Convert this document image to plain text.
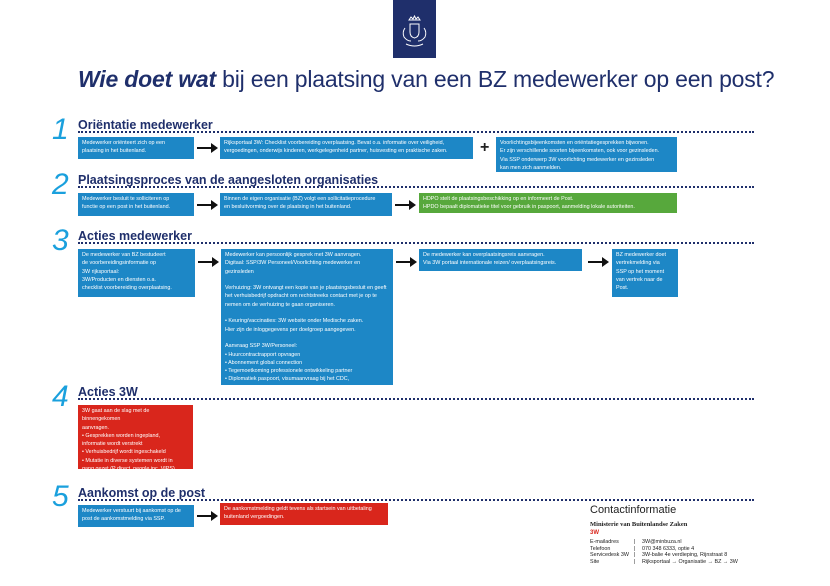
Wie doet wat bij een plaatsing van een BZ medewerker op een post?
1 Oriëntatie medewerker

Medewerker oriënteert zich op een

plaatsing in het buitenland.

Rijksportaal 3W: Checklist voorbereiding overplaatsing. Bevat o.a. informatie over veiligheid,

vergoedingen, onderwijs kinderen, werkgelegenheid partner, huisvesting en praktische zaken.	+ Voorlichtingsbijeenkomsten en oriëntatiegesprekken bijwonen.

Er zijn verschillende soorten bijeenkomsten, ook voor gezinsleden.

Via SSP onderwerp 3W voorlichting medewerker en gezinsleden

kan men zich aanmelden.

2 Plaatsingsproces van de aangesloten organisaties

Medewerker besluit te solliciteren op

functie op een post in het buitenland.

Binnen de eigen organisatie (BZ) volgt een sollicitatieprocedure

en besluitvorming over de plaatsing in het buitenland.

HDPO stelt de plaatsingsbeschikking op en informeert de Post.

HPDO bepaalt diplomatieke titel voor gebruik in paspoort, aanmelding lokale autoriteiten.

3 Acties medewerker

De medewerker van BZ bestudeert

de voorbereidingsinformatie op

3W rijksportaal:

3W/Producten en diensten o.a.

checklist voorbereiding overplaatsing.

Medewerker kan persoonlijk gesprek met 3W aanvragen.

Digitaal: SSP/3W Personeel/Voorlichting medewerker en gezinsleden

Verhuizing: 3W ontvangt een kopie van je plaatsingsbesluit en geeft

het verhuisbedrijf opdracht om rechtstreeks contact met je op te

nemen om de verhuizing te gaan organiseren.

• Keuring/vaccinaties: 3W website onder Medische zaken.

Hier zijn de inloggegevens per doelgroep aangegeven.

Aanvraag SSP 3W/Personeel:

• Huurcontractrapport opvragen

• Abonnement global connection

• Tegemoetkoming professionele ontwikkeling partner

• Diplomatiek paspoort, visumaanvraag bij het CDC,

Bezuidenhoutseweg 67 (oude locatie BZ)

De medewerker kan overplaatsingsreis aanvragen.

Via 3W portaal internationale reizen/ overplaatsingsreis.

BZ medewerker doet

vertrekmelding via

SSP op het moment

van vertrek naar de

Post.

4 Acties 3W

3W gaat aan de slag met de binnengekomen

aanvragen.

• Gesprekken worden ingepland,

informatie wordt verstrekt

• Verhuisbedrijf wordt ingeschakeld

• Mutatie in diverse systemen wordt in

gang gezet (P direct, people inc, VIPS)

5 Aankomst op de post

Medewerker verstuurt bij aankomst op de

post de aankomstmelding via SSP.

De aankomstmelding geldt tevens als startsein van uitbetaling

buitenland vergoedingen.

Contactinformatie
Ministerie van Buitenlandse Zaken
3W
E-mailadres	|	3W@minbuza.nl
Telefoon	|	070 348 6333, optie 4
Servicedesk 3W	|	3W-balie 4e verdieping, Rijnstraat 8
Site	|	Rijksportaal → Organisatie → BZ → 3W
